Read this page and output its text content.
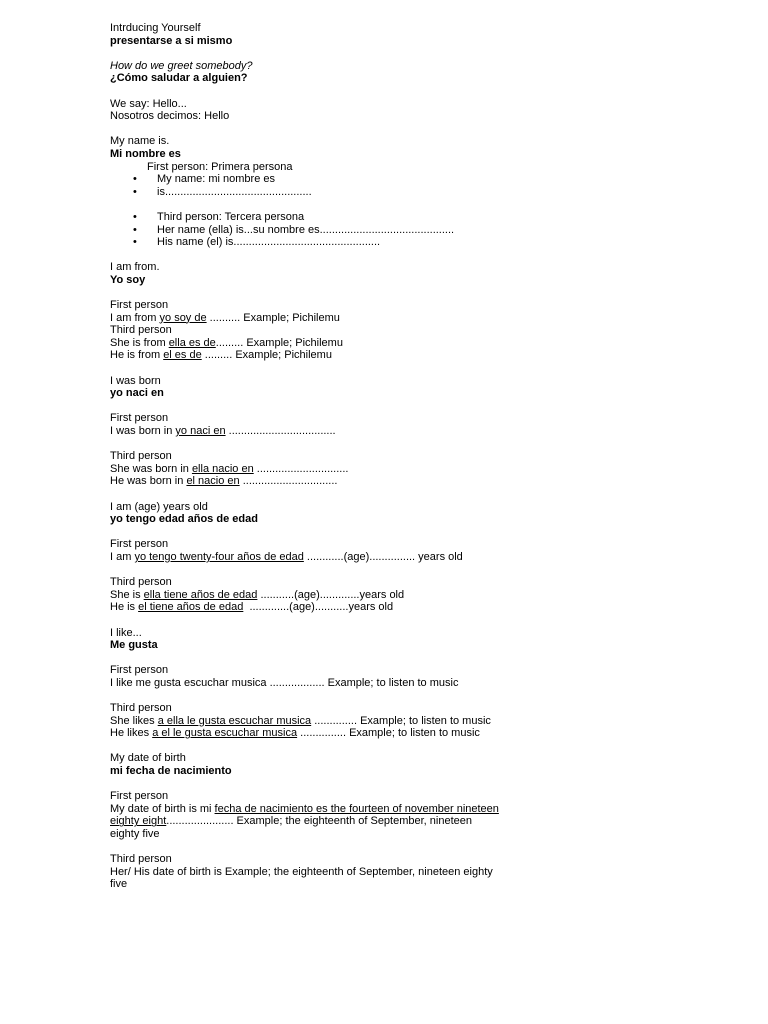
Intrducing Yourself
presentarse a si mismo
How do we greet somebody?
¿Cómo saludar a alguien?
We say: Hello...
Nosotros decimos: Hello
My name is.
Mi nombre es
First person: Primera persona
• My name: mi nombre es
• is................................................
• Third person: Tercera persona
• Her name (ella) is...su nombre es............................................
• His name (el) is................................................
I am from.
Yo soy
First person
I am from yo soy de .......... Example; Pichilemu
Third person
She is from ella es de......... Example; Pichilemu
He is from el es de ......... Example; Pichilemu
I was born
yo naci en
First person
I was born in yo naci en ...................................
Third person
She was born in ella nacio en ..............................
He was born in el nacio en ...............................
I am (age) years old
yo tengo edad años de edad
First person
I am yo tengo twenty-four años de edad ............(age)............... years old
Third person
She is ella tiene años de edad ...........(age).............years old
He is el tiene años de edad  .............(age)...........years old
I like...
Me gusta
First person
I like me gusta escuchar musica .................. Example; to listen to music
Third person
She likes a ella le gusta escuchar musica .............. Example; to listen to music
He likes a el le gusta escuchar musica ............... Example; to listen to music
My date of birth
mi fecha de nacimiento
First person
My date of birth is mi fecha de nacimiento es the fourteen of november nineteen eighty eight...................... Example; the eighteenth of September, nineteen eighty five
Third person
Her/ His date of birth is Example; the eighteenth of September, nineteen eighty five
